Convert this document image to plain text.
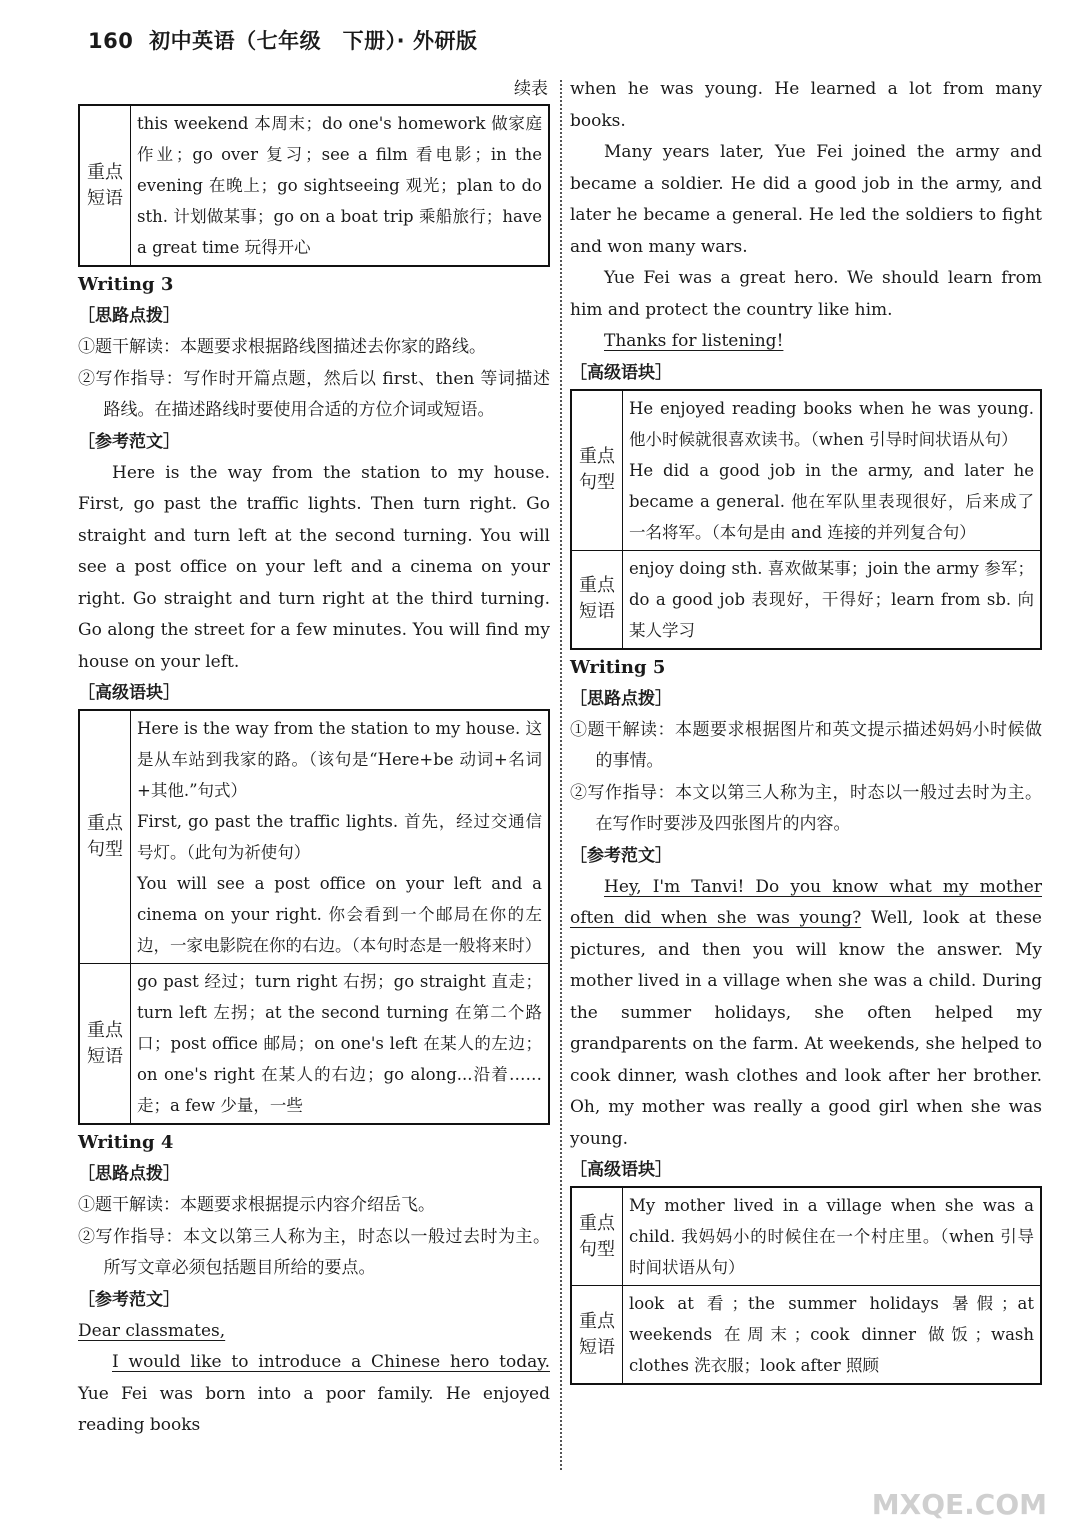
160 初中英语（七年级　下册）· 外研版
续表
重点短语	this weekend 本周末；do one's homework 做家庭作业；go over 复习；see a film 看电影；in the evening 在晚上；go sightseeing 观光；plan to do sth. 计划做某事；go on a boat trip 乘船旅行；have a great time 玩得开心
Writing 3
［思路点拨］

①题干解读：本题要求根据路线图描述去你家的路线。

②写作指导：写作时开篇点题，然后以 first、then 等词描述路线。在描述路线时要使用合适的方位介词或短语。

［参考范文］

Here is the way from the station to my house. First, go past the traffic lights. Then turn right. Go straight and turn left at the second turning. You will see a post office on your left and a cinema on your right. Go straight and turn right at the third turning. Go along the street for a few minutes. You will find my house on your left.

［高级语块］
重点句型	Here is the way from the station to my house. 这是从车站到我家的路。（该句是“Here+be 动词+名词+其他.”句式）
First, go past the traffic lights. 首先，经过交通信号灯。（此句为祈使句）
You will see a post office on your left and a cinema on your right. 你会看到一个邮局在你的左边，一家电影院在你的右边。（本句时态是一般将来时）

重点短语	go past 经过；turn right 右拐；go straight 直走；turn left 左拐；at the second turning 在第二个路口；post office 邮局；on one's left 在某人的左边；on one's right 在某人的右边；go along...沿着……走；a few 少量，一些
Writing 4
［思路点拨］

①题干解读：本题要求根据提示内容介绍岳飞。

②写作指导：本文以第三人称为主，时态以一般过去时为主。所写文章必须包括题目所给的要点。

［参考范文］

Dear classmates,

I would like to introduce a Chinese hero today. Yue Fei was born into a poor family. He enjoyed reading books

when he was young. He learned a lot from many books.

Many years later, Yue Fei joined the army and became a soldier. He did a good job in the army, and later he became a general. He led the soldiers to fight and won many wars.

Yue Fei was a great hero. We should learn from him and protect the country like him.

Thanks for listening!

［高级语块］
重点句型	He enjoyed reading books when he was young. 他小时候就很喜欢读书。（when 引导时间状语从句）
He did a good job in the army, and later he became a general. 他在军队里表现很好，后来成了一名将军。（本句是由 and 连接的并列复合句）

重点短语	enjoy doing sth. 喜欢做某事；join the army 参军；do a good job 表现好，干得好；learn from sb. 向某人学习
Writing 5
［思路点拨］

①题干解读：本题要求根据图片和英文提示描述妈妈小时候做的事情。

②写作指导：本文以第三人称为主，时态以一般过去时为主。在写作时要涉及四张图片的内容。

［参考范文］

Hey, I'm Tanvi! Do you know what my mother often did when she was young? Well, look at these pictures, and then you will know the answer. My mother lived in a village when she was a child. During the summer holidays, she often helped my grandparents on the farm. At weekends, she helped to cook dinner, wash clothes and look after her brother. Oh, my mother was really a good girl when she was young.

［高级语块］
重点句型	My mother lived in a village when she was a child. 我妈妈小的时候住在一个村庄里。（when 引导时间状语从句）
重点短语	look at 看；the summer holidays 暑假；at weekends 在周末；cook dinner 做饭；wash clothes 洗衣服；look after 照顾
MXQE.COM
